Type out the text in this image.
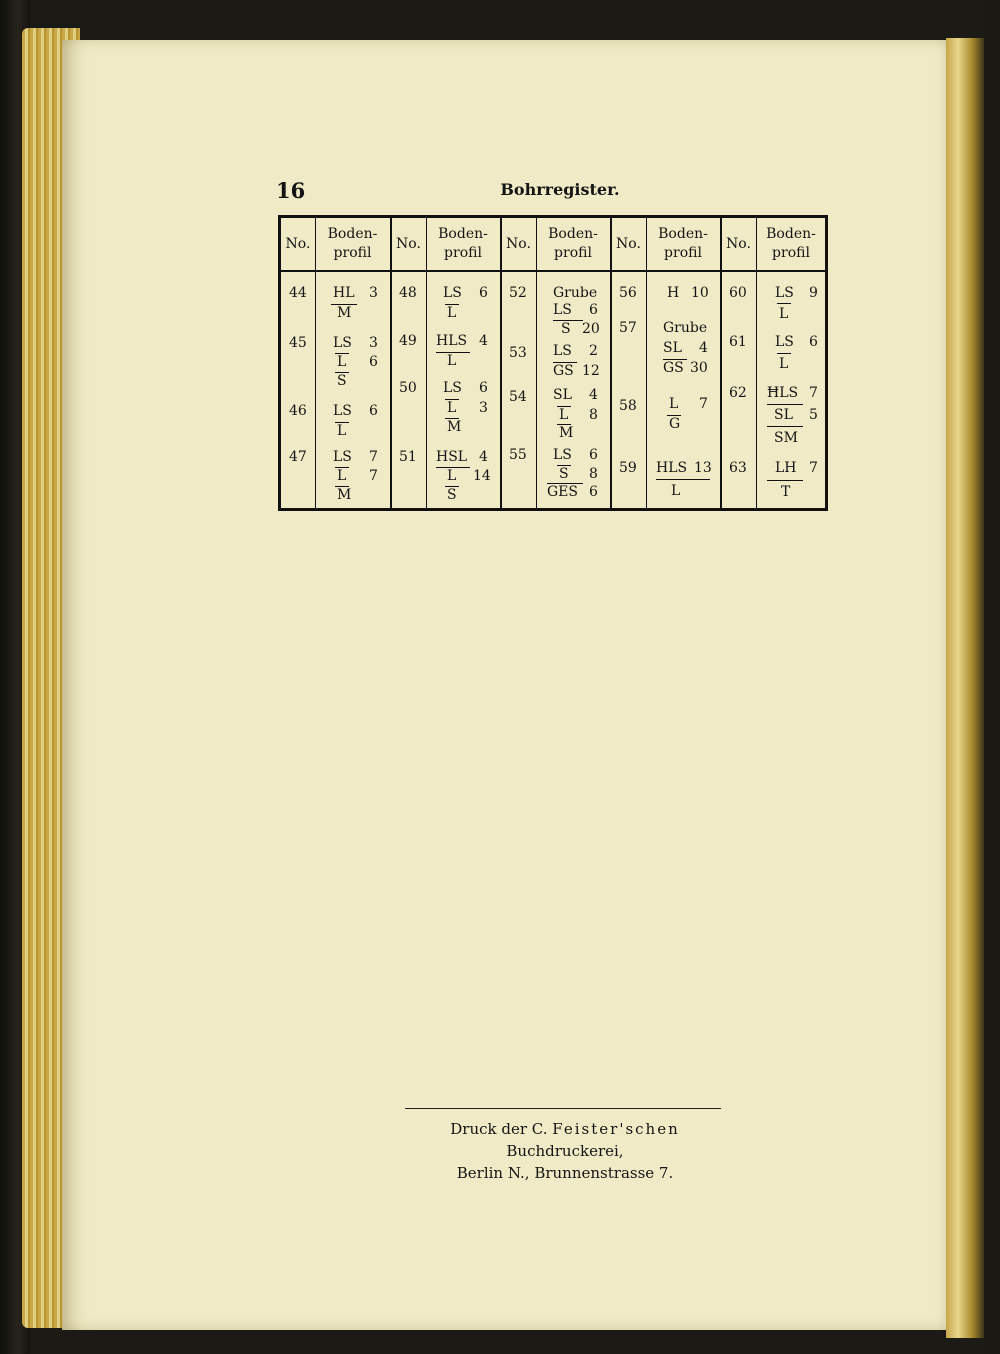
16	Bohrregister.
No.
Boden-
profil
No.
Boden-
profil
No.
Boden-
profil
No.
Boden-
profil
No.
Boden-
profil
44 HL 3
M
45 LS 3
L 6
S
46 LS 6
L
47 LS 7
L 7
M
48 LS 6
L
49 HLS 4
L
50 LS 6
L 3
M
51 HSL 4
L 14
S
52 Grube
LS 6
S 20
53 LS 2
GS 12
54 SL 4
L 8
M
55 LS 6
S 8
GES 6
56 H 10
57 Grube
SL 4
GS 30
58 L 7
G
59 HLS 13
L
60 LS 9
L
61 LS 6
L
62 ĦLS 7
SL 5
SM
63 LH 7
T
Druck der C. Feister'schen Buchdruckerei,
Berlin N., Brunnenstrasse 7.
